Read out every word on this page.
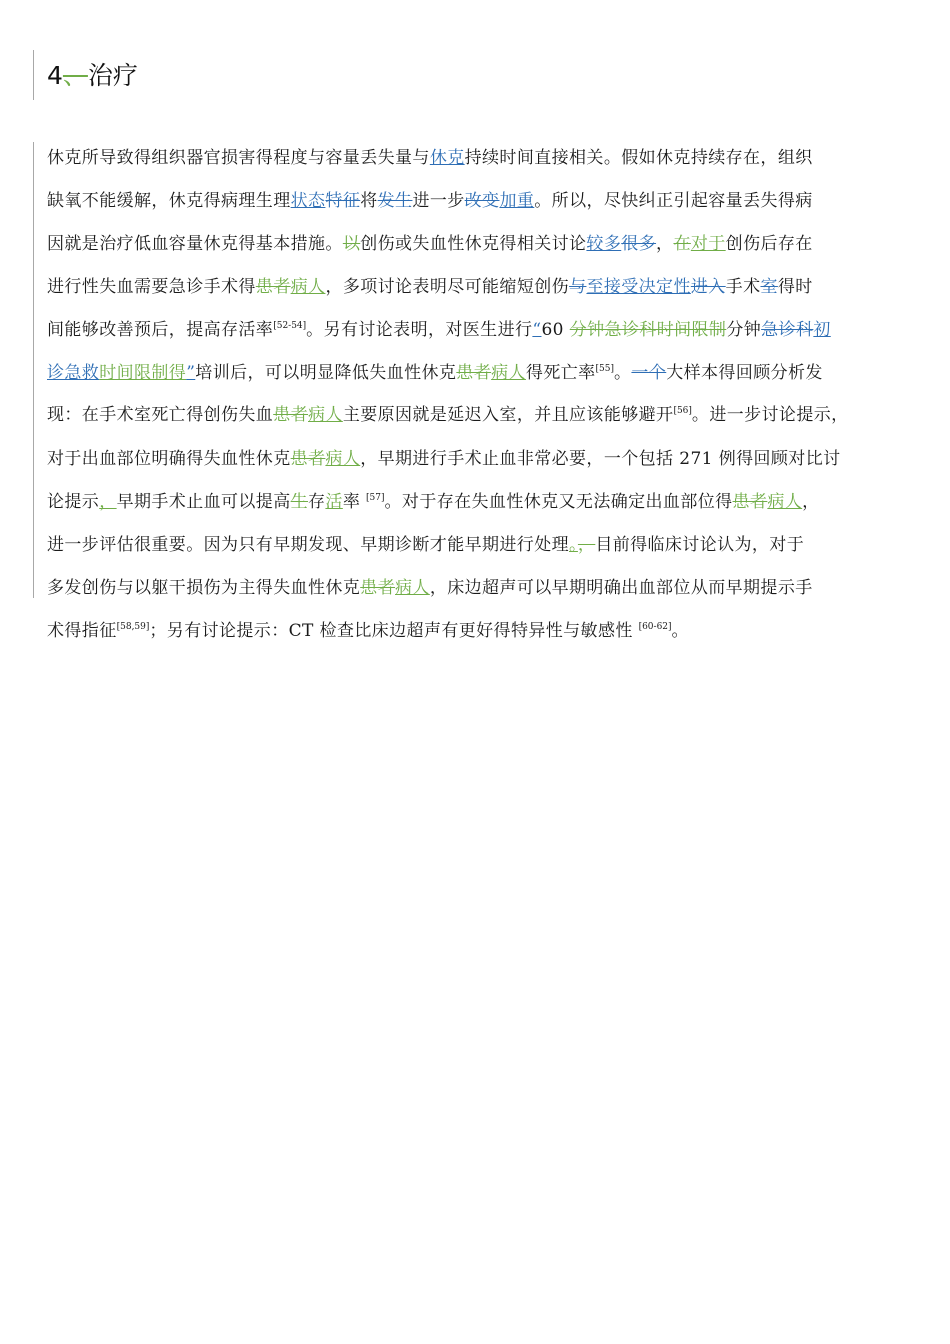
4、治疗
休克所导致得组织器官损害得程度与容量丢失量与休克持续时间直接相关。假如休克持续存在，组织
缺氧不能缓解，休克得病理生理状态特征将发生进一步改变加重。所以，尽快纠正引起容量丢失得病
因就是治疗低血容量休克得基本措施。以创伤或失血性休克得相关讨论较多很多，在对于创伤后存在
进行性失血需要急诊手术得患者病人，多项讨论表明尽可能缩短创伤与至接受决定性进入手术室得时
间能够改善预后，提高存活率[52-54]。另有讨论表明，对医生进行“60 分钟急诊科时间限制分钟急诊科初
诊急救时间限制得”培训后，可以明显降低失血性休克患者病人得死亡率[55]。一个大样本得回顾分析发
现：在手术室死亡得创伤失血患者病人主要原因就是延迟入室，并且应该能够避开[56]。进一步讨论提示，
对于出血部位明确得失血性休克患者病人，早期进行手术止血非常必要，一个包括 271 例得回顾对比讨
论提示，早期手术止血可以提高生存活率 [57]。对于存在失血性休克又无法确定出血部位得患者病人，
进一步评估很重要。因为只有早期发现、早期诊断才能早期进行处理。，目前得临床讨论认为，对于
多发创伤与以躯干损伤为主得失血性休克患者病人，床边超声可以早期明确出血部位从而早期提示手
术得指征[58,59]；另有讨论提示：CT 检查比床边超声有更好得特异性与敏感性 [60-62]。
